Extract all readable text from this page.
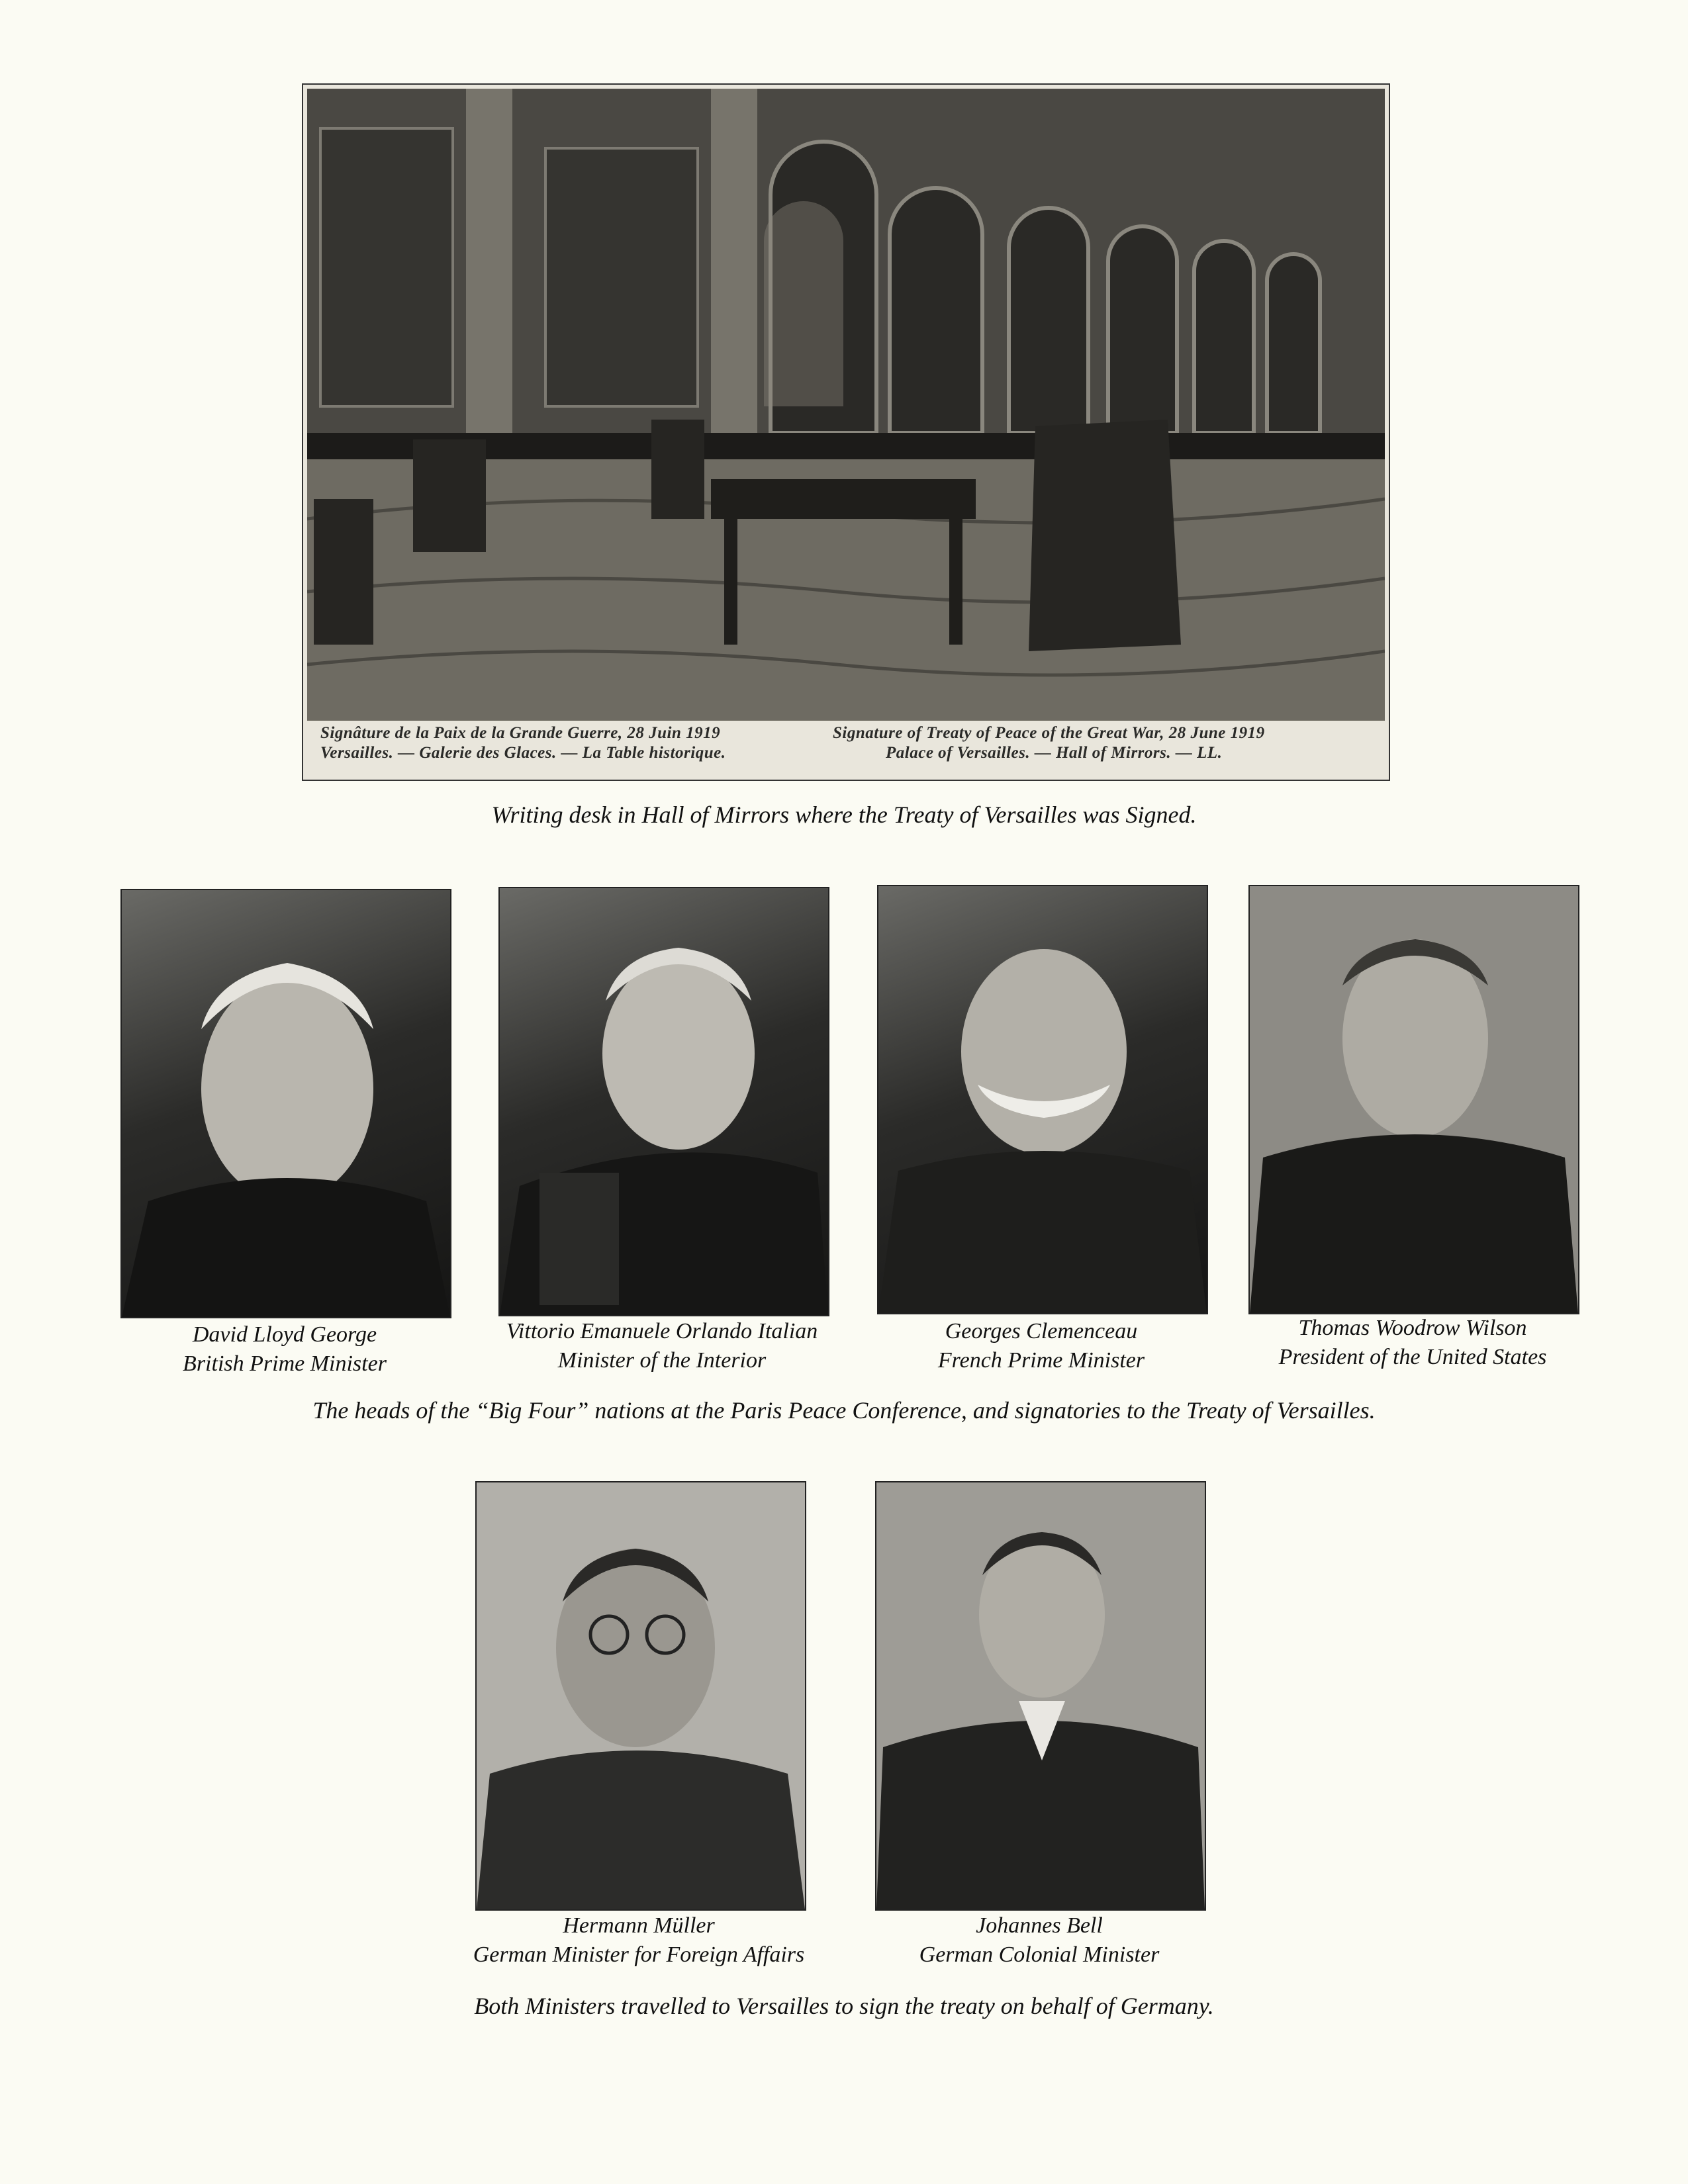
Signâture de la Paix de la Grande Guerre, 28 Juin 1919
Versailles. — Galerie des Glaces. — La Table historique.
Signature of Treaty of Peace of the Great War, 28 June 1919
Palace of Versailles. — Hall of Mirrors. — LL.
Writing desk in Hall of Mirrors where the Treaty of Versailles was Signed.
David Lloyd George
British Prime Minister
Vittorio Emanuele Orlando Italian
Minister of the Interior
Georges Clemenceau
French Prime Minister
Thomas Woodrow Wilson
President of the United States
The heads of the “Big Four” nations at the Paris Peace Conference, and signatories to the Treaty of Versailles.
Hermann Müller
German Minister for Foreign Affairs
Johannes Bell
German Colonial Minister
Both Ministers travelled to Versailles to sign the treaty on behalf of Germany.
